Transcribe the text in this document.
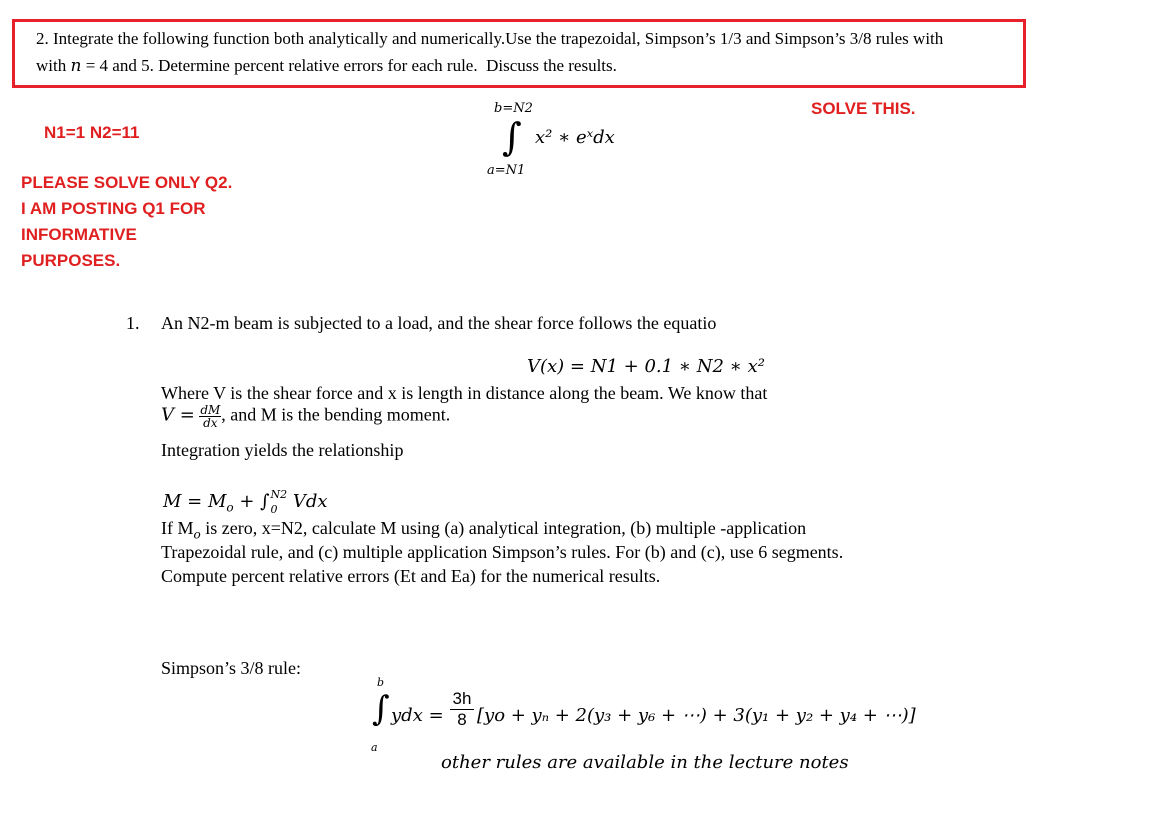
2. Integrate the following function both analytically and numerically.Use the trapezoidal, Simpson’s 1/3 and Simpson’s 3/8 rules with
with n = 4 and 5. Determine percent relative errors for each rule.  Discuss the results.
N1=1 N2=11
SOLVE THIS.
PLEASE SOLVE ONLY Q2.
I AM POSTING Q1 FOR
INFORMATIVE
PURPOSES.
b=N2
∫ x² ∗ eˣdx
a=N1
1. An N2-m beam is subjected to a load, and the shear force follows the equatio
V(x) = N1 + 0.1 ∗ N2 ∗ x²
Where V is the shear force and x is length in distance along the beam. We know that
$V = \frac{dM}{dx}$ , and M is the bending moment.
Integration yields the relationship
$M = M_o$ + ∫ N2
0 Vdx
If $M_o$ is zero, x=N2, calculate M using (a) analytical integration, (b) multiple -application
Trapezoidal rule, and (c) multiple application Simpson’s rules. For (b) and (c), use 6 segments.
Compute percent relative errors (Et and Ea) for the numerical results.
Simpson’s 3/8 rule:
b
∫
a
ydx = $\frac{3h}{8} [yo + y_n + 2(y_3 + y_6$ + ⋯) + 3(y₁ + y₂ + y₄ + ⋯)]
other rules are available in the lecture notes
